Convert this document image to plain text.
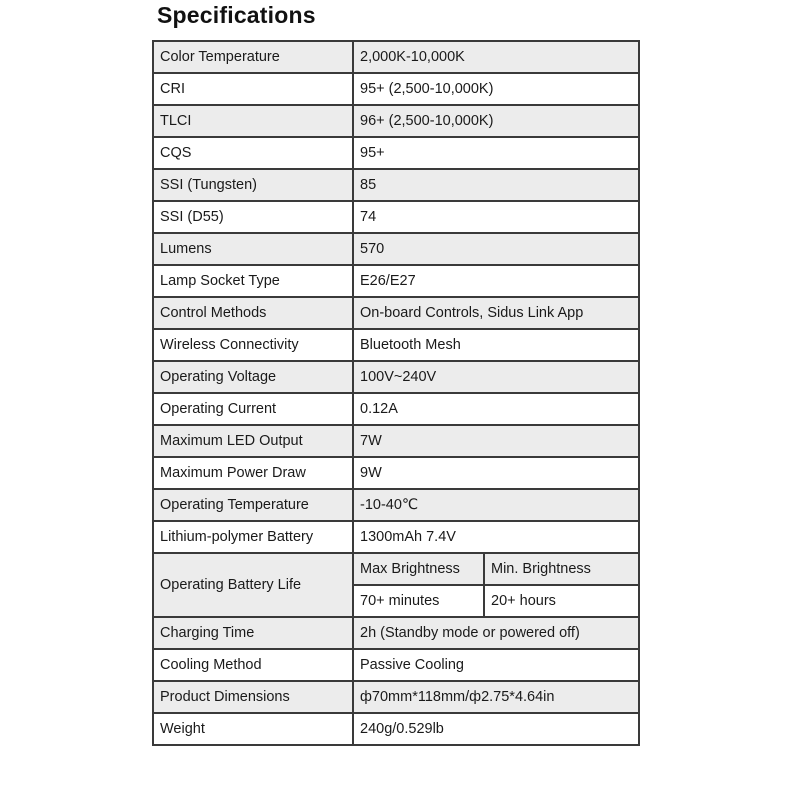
Specifications
Color Temperature	2,000K-10,000K	
CRI	95+ (2,500-10,000K)	
TLCI	96+ (2,500-10,000K)	
CQS	95+	
SSI (Tungsten)	85	
SSI (D55)	74	
Lumens	570	
Lamp Socket Type	E26/E27	
Control Methods	On-board Controls, Sidus Link App	
Wireless Connectivity	Bluetooth Mesh	
Operating Voltage	100V~240V	
Operating Current	0.12A	
Maximum LED Output	7W	
Maximum Power Draw	9W	
Operating Temperature	-10-40℃	
Lithium-polymer Battery	1300mAh 7.4V	
Operating Battery Life	Max Brightness	Min. Brightness
	70+ minutes	20+ hours
Charging Time	2h (Standby mode or powered off)	
Cooling Method	Passive Cooling	
Product Dimensions	ф70mm*118mm/ф2.75*4.64in	
Weight	240g/0.529lb	
